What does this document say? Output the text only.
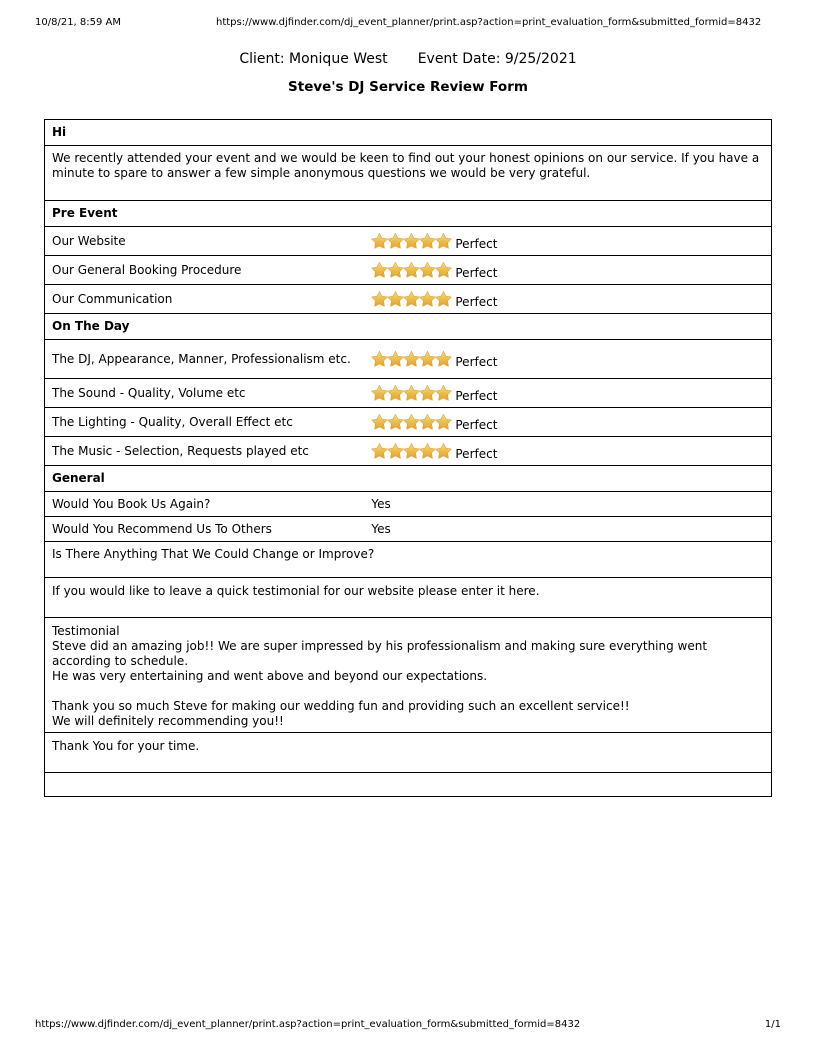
10/8/21, 8:59 AM	https://www.djfinder.com/dj_event_planner/print.asp?action=print_evaluation_form&submitted_formid=8432
Client: Monique West Event Date: 9/25/2021
Steve's DJ Service Review Form
Hi	
We recently attended your event and we would be keen to find out your honest opinions on our service. If you have a minute to spare to answer a few simple anonymous questions we would be very grateful.	
Pre Event	
Our Website	Perfect

Our General Booking Procedure	Perfect

Our Communication	Perfect

On The Day	
The DJ, Appearance, Manner, Professionalism etc.	Perfect

The Sound - Quality, Volume etc	Perfect

The Lighting - Quality, Overall Effect etc	Perfect

The Music - Selection, Requests played etc	Perfect

General	
Would You Book Us Again?	Yes
Would You Recommend Us To Others	Yes
Is There Anything That We Could Change or Improve?	
If you would like to leave a quick testimonial for our website please enter it here.	

Testimonial
Steve did an amazing job!! We are super impressed by his professionalism and making sure everything went according to schedule.
He was very entertaining and went above and beyond our expectations.
Thank you so much Steve for making our wedding fun and providing such an excellent service!!
We will definitely recommending you!!	

Thank You for your time.	

https://www.djfinder.com/dj_event_planner/print.asp?action=print_evaluation_form&submitted_formid=8432	1/1
